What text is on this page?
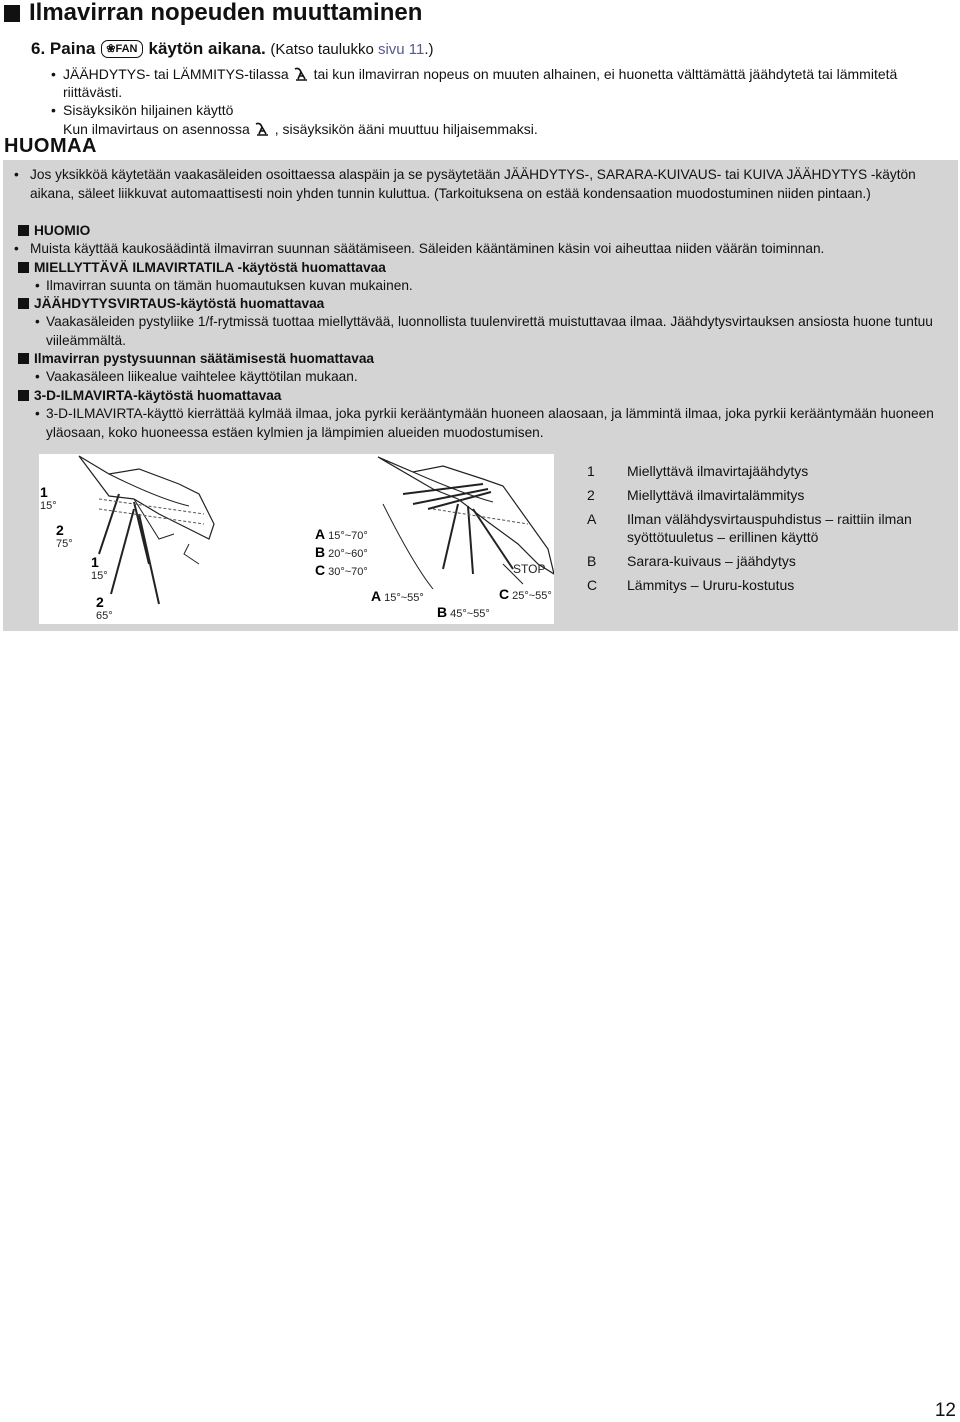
Ilmavirran nopeuden muuttaminen
6. Paina ❀FAN käytön aikana. (Katso taulukko sivu 11.)
• JÄÄHDYTYS- tai LÄMMITYS-tilassa tai kun ilmavirran nopeus on muuten alhainen, ei huonetta välttämättä jäähdytetä tai lämmitetä riittävästi.
• Sisäyksikön hiljainen käyttö
Kun ilmavirtaus on asennossa , sisäyksikön ääni muuttuu hiljaisemmaksi.
HUOMAA
• Jos yksikköä käytetään vaakasäleiden osoittaessa alaspäin ja se pysäytetään JÄÄHDYTYS-, SARARA-KUIVAUS- tai KUIVA JÄÄHDYTYS -käytön aikana, säleet liikkuvat automaattisesti noin yhden tunnin kuluttua. (Tarkoituksena on estää kondensaation muodostuminen niiden pintaan.)
HUOMIO
• Muista käyttää kaukosäädintä ilmavirran suunnan säätämiseen. Säleiden kääntäminen käsin voi aiheuttaa niiden väärän toiminnan.
MIELLYTTÄVÄ ILMAVIRTATILA -käytöstä huomattavaa
• Ilmavirran suunta on tämän huomautuksen kuvan mukainen.
JÄÄHDYTYSVIRTAUS-käytöstä huomattavaa
• Vaakasäleiden pystyliike 1/f-rytmissä tuottaa miellyttävää, luonnollista tuulenvirettä muistuttavaa ilmaa. Jäähdytysvirtauksen ansiosta huone tuntuu viileämmältä.
Ilmavirran pystysuunnan säätämisestä huomattavaa
• Vaakasäleen liikealue vaihtelee käyttötilan mukaan.
3-D-ILMAVIRTA-käytöstä huomattavaa
• 3-D-ILMAVIRTA-käyttö kierrättää kylmää ilmaa, joka pyrkii kerääntymään huoneen alaosaan, ja lämmintä ilmaa, joka pyrkii kerääntymään huoneen yläosaan, koko huoneessa estäen kylmien ja lämpimien alueiden muodostumisen.
1
15°
2
75°
1
15°
2
65°
A 15°~70°
B 20°~60°
C 30°~70°	STOP
A 15°~55°
B 45°~55°
C 25°~55°
1 Miellyttävä ilmavirtajäähdytys
2 Miellyttävä ilmavirtalämmitys
A Ilman välähdysvirtauspuhdistus – raittiin ilman
syöttötuuletus – erillinen käyttö
B Sarara-kuivaus – jäähdytys
C Lämmitys – Ururu-kostutus
12
